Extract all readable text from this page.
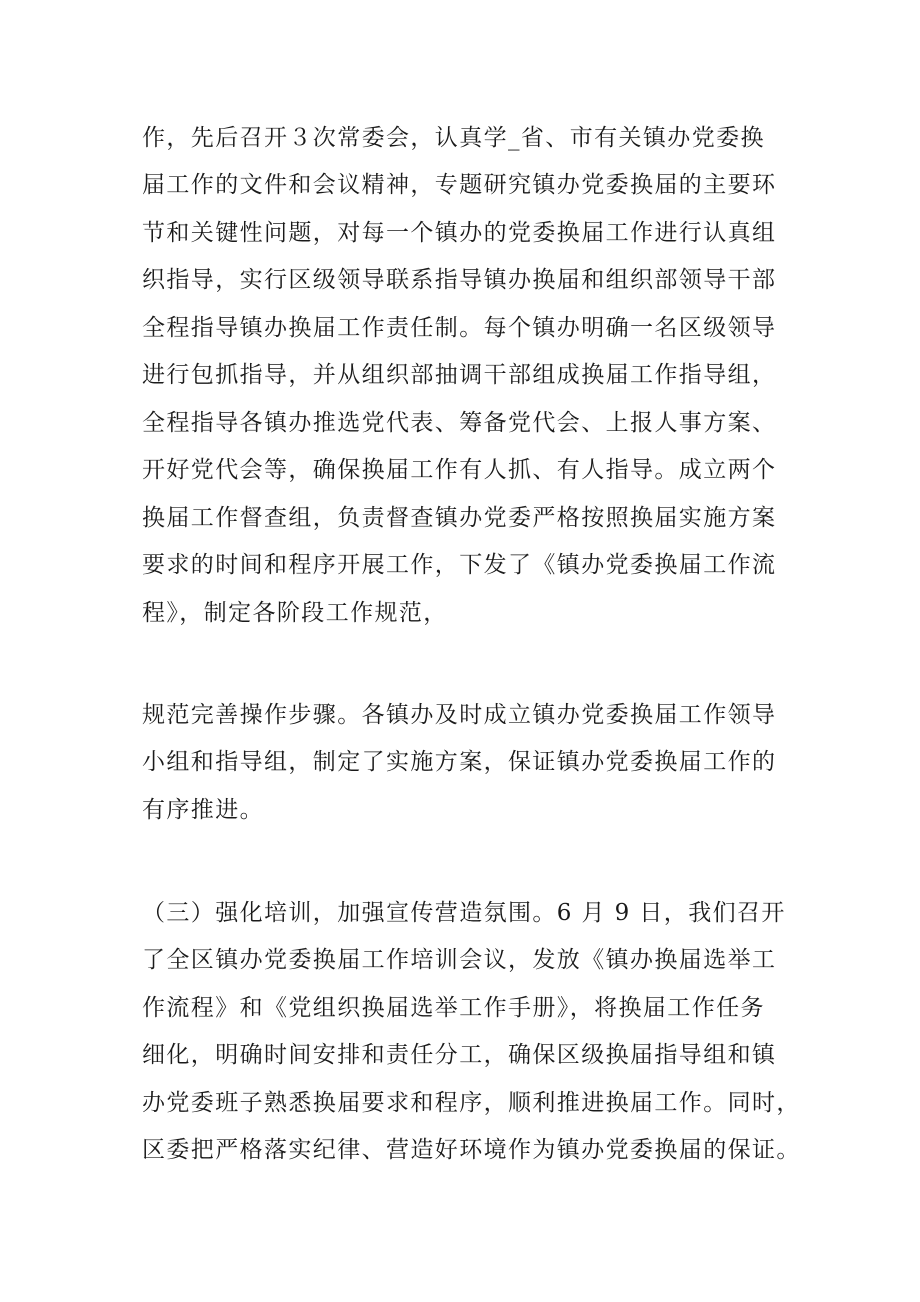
作，先后召开３次常委会，认真学_省、市有关镇办党委换
届工作的文件和会议精神，专题研究镇办党委换届的主要环
节和关键性问题，对每一个镇办的党委换届工作进行认真组
织指导，实行区级领导联系指导镇办换届和组织部领导干部
全程指导镇办换届工作责任制。每个镇办明确一名区级领导
进行包抓指导，并从组织部抽调干部组成换届工作指导组，
全程指导各镇办推选党代表、筹备党代会、上报人事方案、
开好党代会等，确保换届工作有人抓、有人指导。成立两个
换届工作督查组，负责督查镇办党委严格按照换届实施方案
要求的时间和程序开展工作，下发了《镇办党委换届工作流
程》，制定各阶段工作规范，
规范完善操作步骤。各镇办及时成立镇办党委换届工作领导
小组和指导组，制定了实施方案，保证镇办党委换届工作的
有序推进。
（三）强化培训，加强宣传营造氛围。6 月 9 日，我们召开
了全区镇办党委换届工作培训会议，发放《镇办换届选举工
作流程》和《党组织换届选举工作手册》，将换届工作任务
细化，明确时间安排和责任分工，确保区级换届指导组和镇
办党委班子熟悉换届要求和程序，顺利推进换届工作。同时，
区委把严格落实纪律、营造好环境作为镇办党委换届的保证。
